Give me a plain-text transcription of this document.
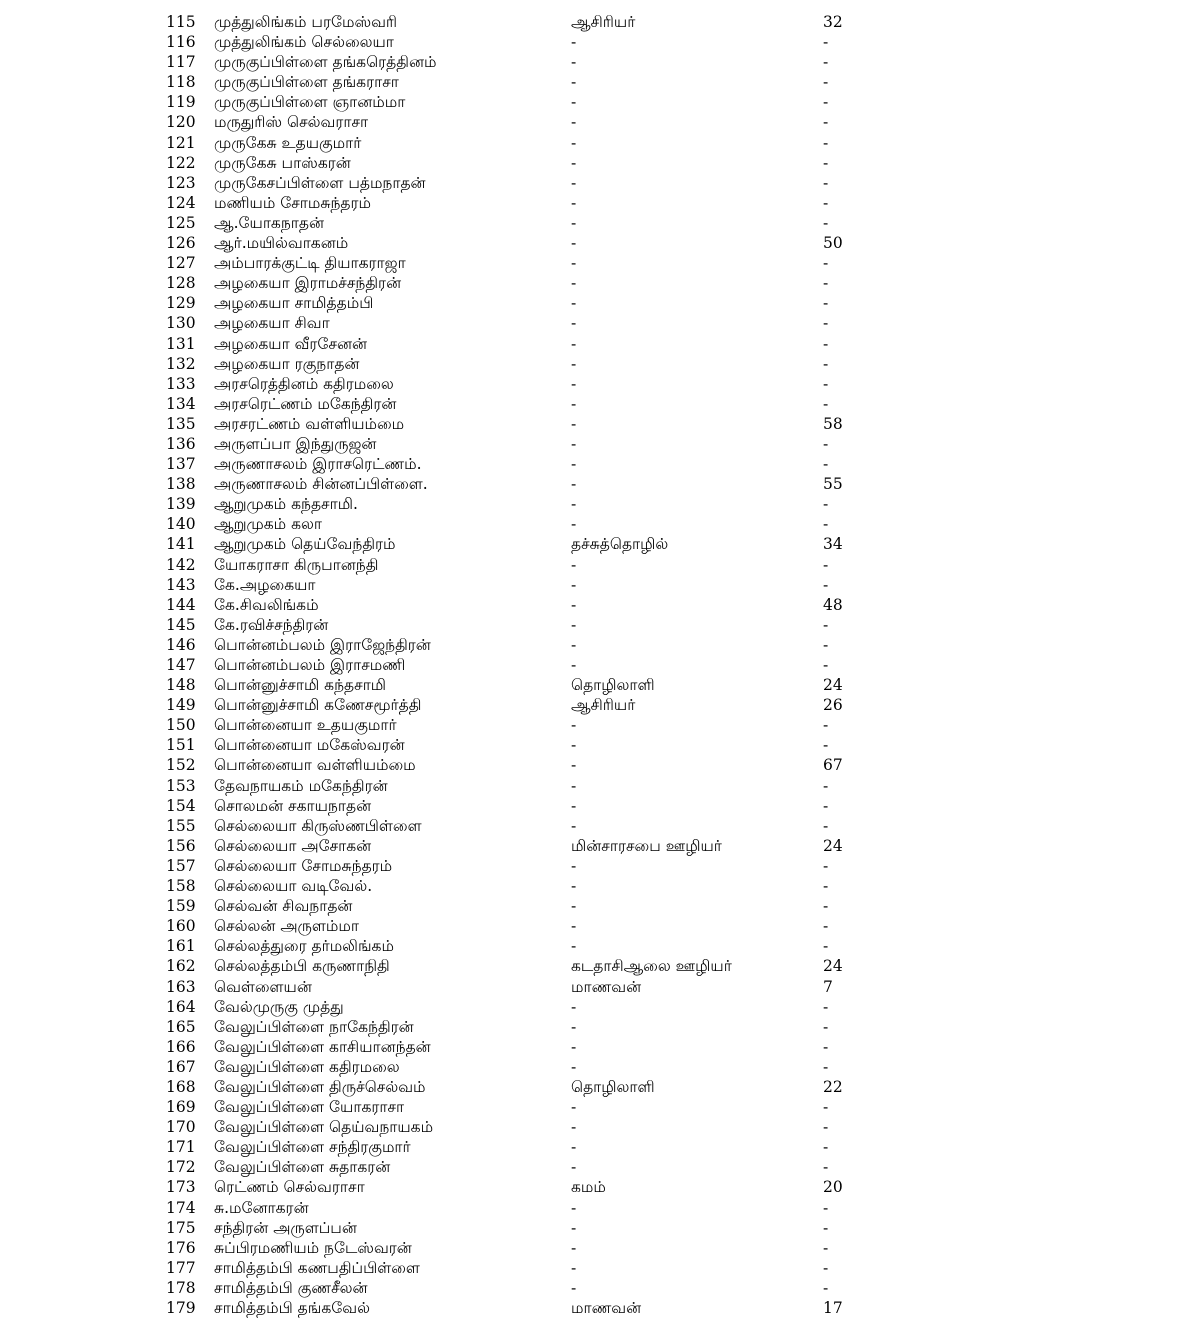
115	முத்துலிங்கம் பரமேஸ்வரி	ஆசிரியர்	32
116	முத்துலிங்கம் செல்லையா	-	-
117	முருகுப்பிள்ளை தங்கரெத்தினம்	-	-
118	முருகுப்பிள்ளை தங்கராசா	-	-
119	முருகுப்பிள்ளை ஞானம்மா	-	-
120	மருதுரிஸ் செல்வராசா	-	-
121	முருகேசு உதயகுமார்	-	-
122	முருகேசு பாஸ்கரன்	-	-
123	முருகேசப்பிள்ளை பத்மநாதன்	-	-
124	மணியம் சோமசுந்தரம்	-	-
125	ஆ.யோகநாதன்	-	-
126	ஆர்.மயில்வாகனம்	-	50
127	அம்பாரக்குட்டி தியாகராஜா	-	-
128	அழகையா இராமச்சந்திரன்	-	-
129	அழகையா சாமித்தம்பி	-	-
130	அழகையா சிவா	-	-
131	அழகையா வீரசேனன்	-	-
132	அழகையா ரகுநாதன்	-	-
133	அரசரெத்தினம் கதிரமலை	-	-
134	அரசரெட்ணம் மகேந்திரன்	-	-
135	அரசரட்ணம் வள்ளியம்மை	-	58
136	அருளப்பா இந்துருஜன்	-	-
137	அருணாசலம் இராசரெட்ணம்.	-	-
138	அருணாசலம் சின்னப்பிள்ளை.	-	55
139	ஆறுமுகம் கந்தசாமி.	-	-
140	ஆறுமுகம் கலா	-	-
141	ஆறுமுகம் தெய்வேந்திரம்	தச்சுத்தொழில்	34
142	யோகராசா கிருபானந்தி	-	-
143	கே.அழகையா	-	-
144	கே.சிவலிங்கம்	-	48
145	கே.ரவிச்சந்திரன்	-	-
146	பொன்னம்பலம் இராஜேந்திரன்	-	-
147	பொன்னம்பலம் இராசமணி	-	-
148	பொன்னுச்சாமி கந்தசாமி	தொழிலாளி	24
149	பொன்னுச்சாமி கணேசமூர்த்தி	ஆசிரியர்	26
150	பொன்னையா உதயகுமார்	-	-
151	பொன்னையா மகேஸ்வரன்	-	-
152	பொன்னையா வள்ளியம்மை	-	67
153	தேவநாயகம் மகேந்திரன்	-	-
154	சொலமன் சகாயநாதன்	-	-
155	செல்லையா கிருஸ்ணபிள்ளை	-	-
156	செல்லையா அசோகன்	மின்சாரசபை ஊழியர்	24
157	செல்லையா சோமசுந்தரம்	-	-
158	செல்லையா வடிவேல்.	-	-
159	செல்வன் சிவநாதன்	-	-
160	செல்லன் அருளம்மா	-	-
161	செல்லத்துரை தர்மலிங்கம்	-	-
162	செல்லத்தம்பி கருணாநிதி	கடதாசிஆலை ஊழியர்	24
163	வெள்ளையன்	மாணவன்	7
164	வேல்முருகு முத்து	-	-
165	வேலுப்பிள்ளை நாகேந்திரன்	-	-
166	வேலுப்பிள்ளை காசியானந்தன்	-	-
167	வேலுப்பிள்ளை கதிரமலை	-	-
168	வேலுப்பிள்ளை திருச்செல்வம்	தொழிலாளி	22
169	வேலுப்பிள்ளை யோகராசா	-	-
170	வேலுப்பிள்ளை தெய்வநாயகம்	-	-
171	வேலுப்பிள்ளை சந்திரகுமார்	-	-
172	வேலுப்பிள்ளை சுதாகரன்	-	-
173	ரெட்ணம் செல்வராசா	கமம்	20
174	சு.மனோகரன்	-	-
175	சந்திரன் அருளப்பன்	-	-
176	சுப்பிரமணியம் நடேஸ்வரன்	-	-
177	சாமித்தம்பி கணபதிப்பிள்ளை	-	-
178	சாமித்தம்பி குணசீலன்	-	-
179	சாமித்தம்பி தங்கவேல்	மாணவன்	17
